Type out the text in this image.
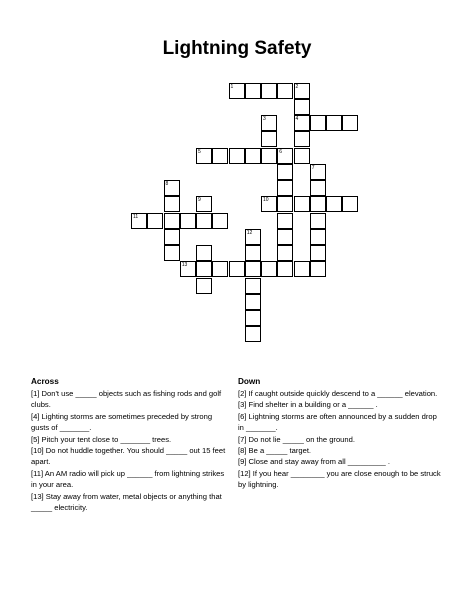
Lightning Safety
1	2
3	4
5	6
7
8
9	10
11
12
13
Across

[1] Don't use _____ objects such as fishing rods and golf clubs.

[4] Lighting storms are sometimes preceded by strong gusts of _______.

[5] Pitch your tent close to _______ trees.

[10] Do not huddle together. You should _____ out 15 feet apart.

[11] An AM radio will pick up ______ from lightning strikes in your area.

[13] Stay away from water, metal objects or anything that _____ electricity.

Down

[2] If caught outside quickly descend to a ______ elevation.

[3] Find shelter in a building or a ______ .

[6] Lightning storms are often announced by a sudden drop in _______.

[7] Do not lie _____ on the ground.

[8] Be a _____ target.

[9] Close and stay away from all _________ .

[12] If you hear ________ you are close enough to be struck by lightning.
